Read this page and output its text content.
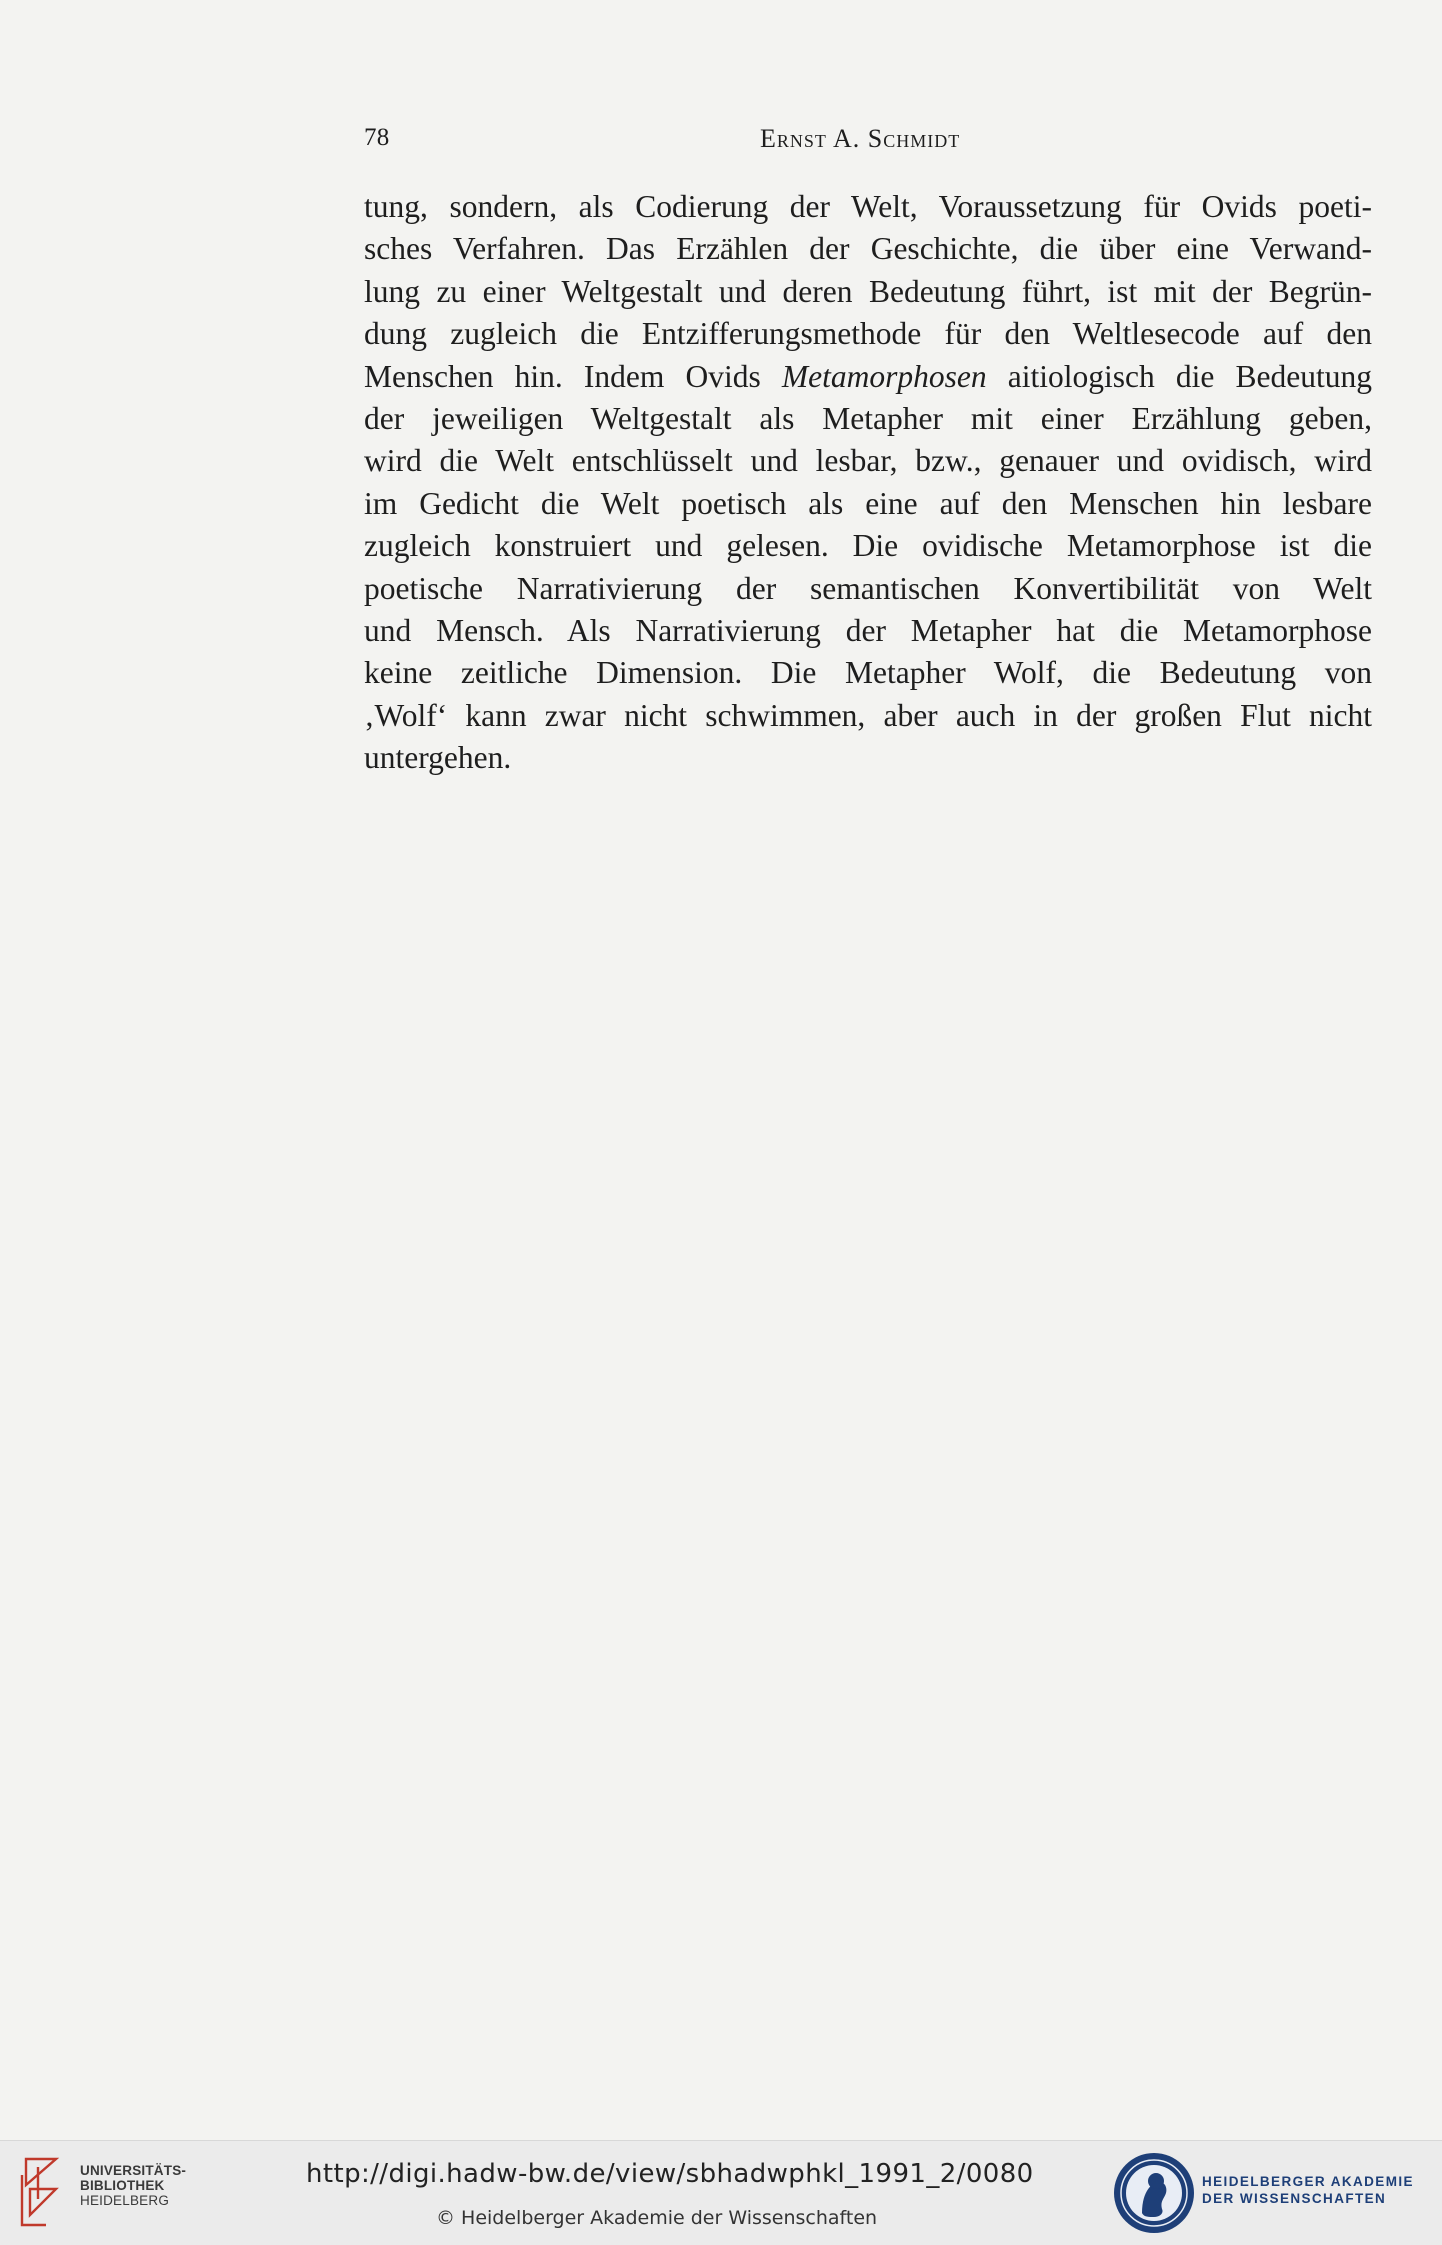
78	Ernst A. Schmidt
tung, sondern, als Codierung der Welt, Voraussetzung für Ovids poeti-
sches Verfahren. Das Erzählen der Geschichte, die über eine Verwand-
lung zu einer Weltgestalt und deren Bedeutung führt, ist mit der Begrün-
dung zugleich die Entzifferungsmethode für den Weltlesecode auf den
Menschen hin. Indem Ovids Metamorphosen aitiologisch die Bedeutung
der jeweiligen Weltgestalt als Metapher mit einer Erzählung geben,
wird die Welt entschlüsselt und lesbar, bzw., genauer und ovidisch, wird
im Gedicht die Welt poetisch als eine auf den Menschen hin lesbare
zugleich konstruiert und gelesen. Die ovidische Metamorphose ist die
poetische Narrativierung der semantischen Konvertibilität von Welt
und Mensch. Als Narrativierung der Metapher hat die Metamorphose
keine zeitliche Dimension. Die Metapher Wolf, die Bedeutung von
‚Wolf‘ kann zwar nicht schwimmen, aber auch in der großen Flut nicht
untergehen.
UNIVERSITÄTS-
BIBLIOTHEK
HEIDELBERG
http://digi.hadw-bw.de/view/sbhadwphkl_1991_2/0080
© Heidelberger Akademie der Wissenschaften
HEIDELBERGER AKADEMIE
DER WISSENSCHAFTEN
